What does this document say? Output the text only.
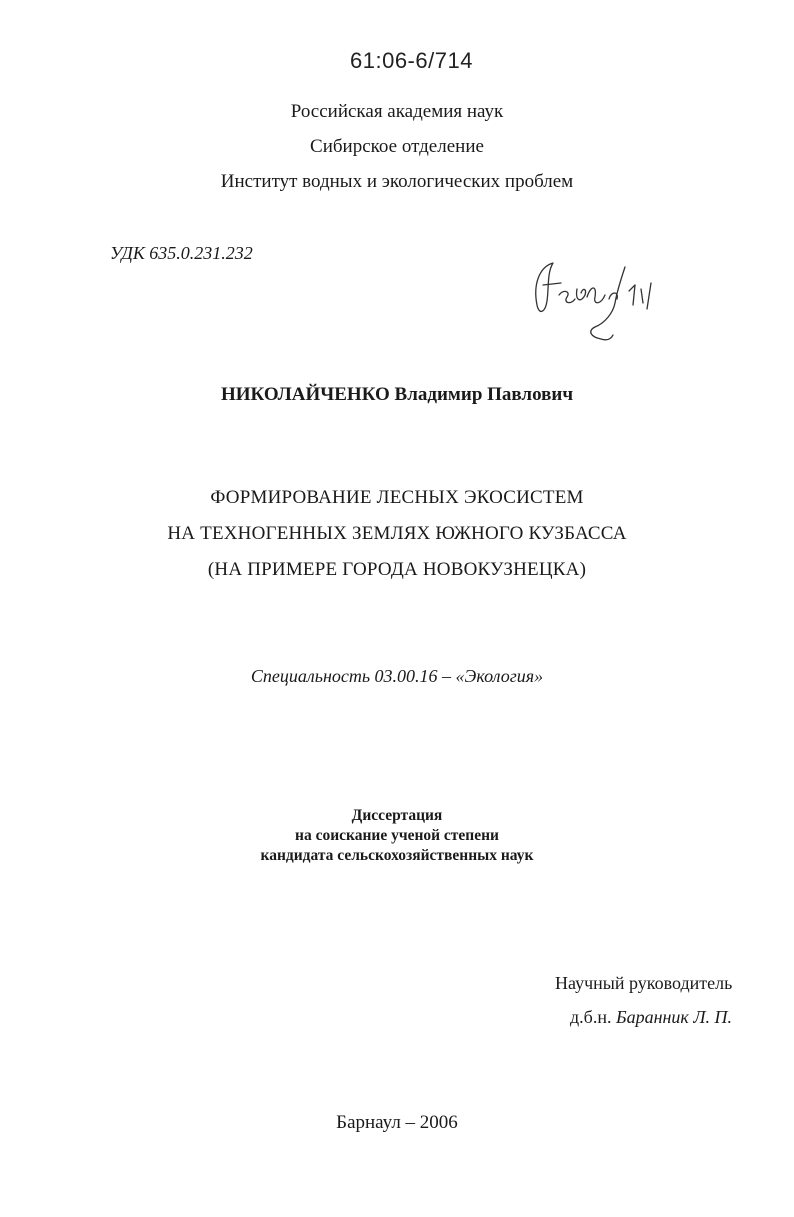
61:06-6/714
Российская академия наук
Сибирское отделение
Институт водных и экологических проблем
УДК 635.0.231.232
НИКОЛАЙЧЕНКО Владимир Павлович
ФОРМИРОВАНИЕ ЛЕСНЫХ ЭКОСИСТЕМ
НА ТЕХНОГЕННЫХ ЗЕМЛЯХ ЮЖНОГО КУЗБАССА
(НА ПРИМЕРЕ ГОРОДА НОВОКУЗНЕЦКА)
Специальность 03.00.16 – «Экология»
Диссертация
на соискание ученой степени
кандидата сельскохозяйственных наук
Научный руководитель
д.б.н. Баранник Л. П.
Барнаул – 2006
